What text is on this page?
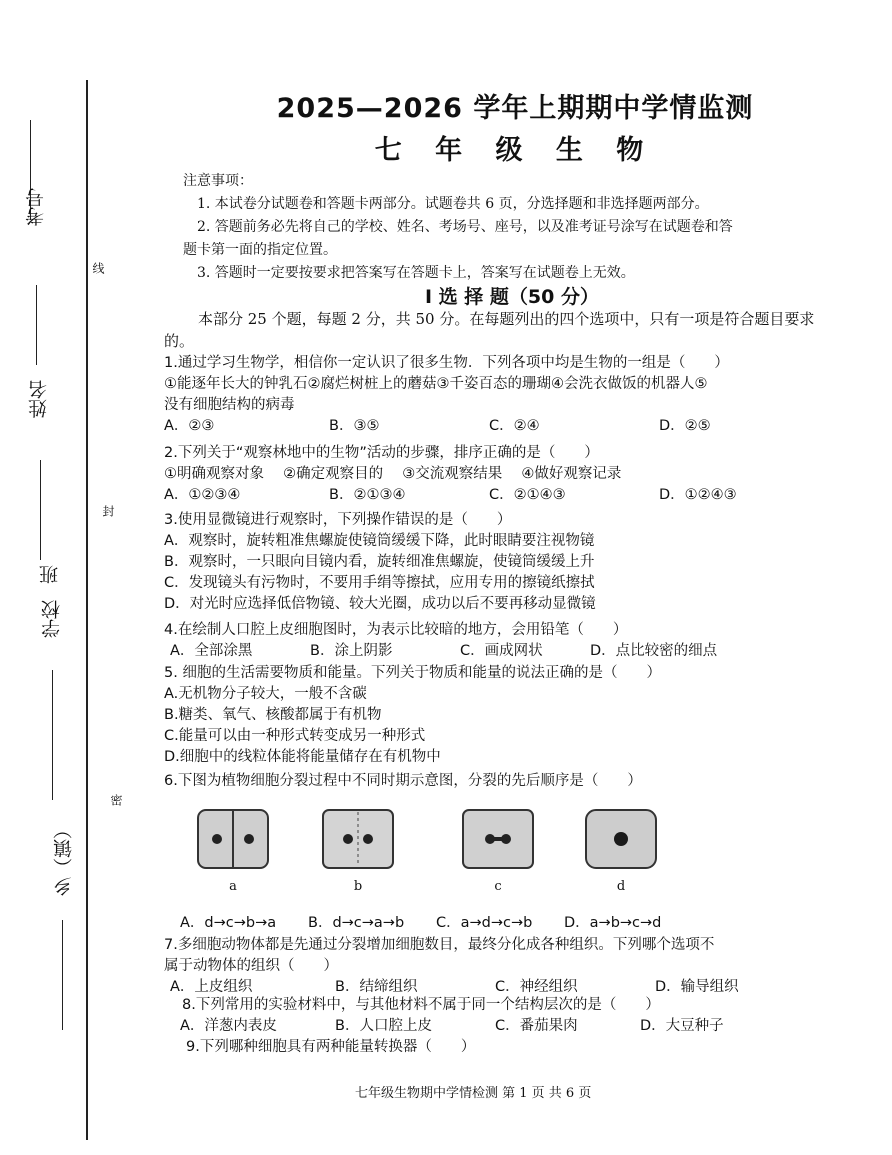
考号
姓名
班
学校
乡（镇）
线
封
密
2025—2026 学年上期期中学情监测
七 年 级 生 物

注意事项：

1. 本试卷分试题卷和答题卡两部分。试题卷共 6 页，分选择题和非选择题两部分。

2. 答题前务必先将自己的学校、姓名、考场号、座号，以及准考证号涂写在试题卷和答

题卡第一面的指定位置。

3. 答题时一定要按要求把答案写在答题卡上，答案写在试题卷上无效。

Ⅰ 选 择 题（50 分）
本部分 25 个题，每题 2 分，共 50 分。在每题列出的四个选项中，只有一项是符合题目要求的。

1.通过学习生物学，相信你一定认识了很多生物．下列各项中均是生物的一组是（　　）

①能逐年长大的钟乳石②腐烂树桩上的蘑菇③千姿百态的珊瑚④会洗衣做饭的机器人⑤

没有细胞结构的病毒

A．②③	B．③⑤	C．②④	D．②⑤

2.下列关于“观察林地中的生物”活动的步骤，排序正确的是（　　）

①明确观察对象　 ②确定观察目的　 ③交流观察结果　 ④做好观察记录

A．①②③④	B．②①③④	C．②①④③	D．①②④③

3.使用显微镜进行观察时，下列操作错误的是（　　）

A．观察时，旋转粗准焦螺旋使镜筒缓缓下降，此时眼睛要注视物镜

B．观察时，一只眼向目镜内看，旋转细准焦螺旋，使镜筒缓缓上升

C．发现镜头有污物时，不要用手绢等擦拭，应用专用的擦镜纸擦拭

D．对光时应选择低倍物镜、较大光圈，成功以后不要再移动显微镜

4.在绘制人口腔上皮细胞图时，为表示比较暗的地方，会用铅笔（　　）

A．全部涂黑	B．涂上阴影	C．画成网状	D．点比较密的细点

5. 细胞的生活需要物质和能量。下列关于物质和能量的说法正确的是（　　）

A.无机物分子较大，一般不含碳

B.糖类、氧气、核酸都属于有机物

C.能量可以由一种形式转变成另一种形式

D.细胞中的线粒体能将能量储存在有机物中

6.下图为植物细胞分裂过程中不同时期示意图，分裂的先后顺序是（　　）

a	b	c	d
A．d→c→b→a	B．d→c→a→b	C．a→d→c→b	D．a→b→c→d

7.多细胞动物体都是先通过分裂增加细胞数目，最终分化成各种组织。下列哪个选项不

属于动物体的组织（　　）

A．上皮组织	B．结缔组织	C．神经组织	D．输导组织

8.下列常用的实验材料中，与其他材料不属于同一个结构层次的是（　　）

A．洋葱内表皮	B．人口腔上皮	C．番茄果肉	D．大豆种子

9.下列哪种细胞具有两种能量转换器（　　）

七年级生物期中学情检测 第 1 页 共 6 页
